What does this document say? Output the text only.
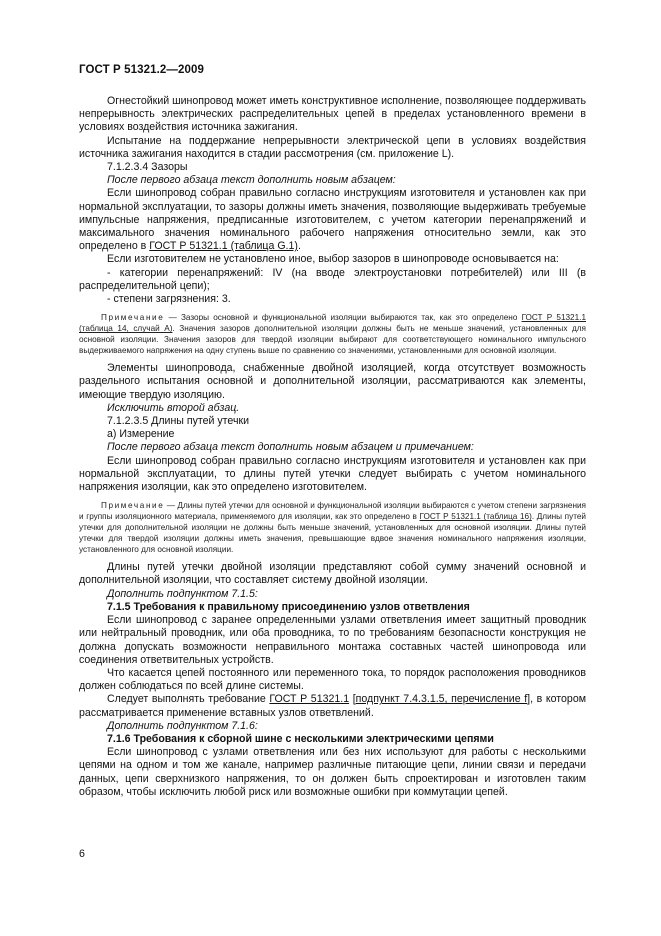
ГОСТ Р 51321.2—2009

Огнестойкий шинопровод может иметь конструктивное исполнение, позволяющее поддерживать непрерывность электрических распределительных цепей в пределах установленного времени в условиях воздействия источника зажигания.

Испытание на поддержание непрерывности электрической цепи в условиях воздействия источника зажигания находится в стадии рассмотрения (см. приложение L).

7.1.2.3.4 Зазоры

После первого абзаца текст дополнить новым абзацем:

Если шинопровод собран правильно согласно инструкциям изготовителя и установлен как при нормальной эксплуатации, то зазоры должны иметь значения, позволяющие выдерживать требуемые импульсные напряжения, предписанные изготовителем, с учетом категории перенапряжений и максимального значения номинального рабочего напряжения относительно земли, как это определено в ГОСТ Р 51321.1 (таблица G.1).

Если изготовителем не установлено иное, выбор зазоров в шинопроводе основывается на:

- категории перенапряжений: IV (на вводе электроустановки потребителей) или III (в распределительной цепи);

- степени загрязнения: 3.

Примечание — Зазоры основной и функциональной изоляции выбираются так, как это определено ГОСТ Р 51321.1 (таблица 14, случай А). Значения зазоров дополнительной изоляции должны быть не меньше значений, установленных для основной изоляции. Значения зазоров для твердой изоляции выбирают для соответствующего номинального импульсного выдерживаемого напряжения на одну ступень выше по сравнению со значениями, установленными для основной изоляции.

Элементы шинопровода, снабженные двойной изоляцией, когда отсутствует возможность раздельного испытания основной и дополнительной изоляции, рассматриваются как элементы, имеющие твердую изоляцию.

Исключить второй абзац.

7.1.2.3.5 Длины путей утечки

а) Измерение

После первого абзаца текст дополнить новым абзацем и примечанием:

Если шинопровод собран правильно согласно инструкциям изготовителя и установлен как при нормальной эксплуатации, то длины путей утечки следует выбирать с учетом номинального напряжения изоляции, как это определено изготовителем.

Примечание — Длины путей утечки для основной и функциональной изоляции выбираются с учетом степени загрязнения и группы изоляционного материала, применяемого для изоляции, как это определено в ГОСТ Р 51321.1 (таблица 16). Длины путей утечки для дополнительной изоляции не должны быть меньше значений, установленных для основной изоляции. Длины путей утечки для твердой изоляции должны иметь значения, превышающие вдвое значения номинального напряжения изоляции, установленного для основной изоляции.

Длины путей утечки двойной изоляции представляют собой сумму значений основной и дополнительной изоляции, что составляет систему двойной изоляции.

Дополнить подпунктом 7.1.5:

7.1.5 Требования к правильному присоединению узлов ответвления

Если шинопровод с заранее определенными узлами ответвления имеет защитный проводник или нейтральный проводник, или оба проводника, то по требованиям безопасности конструкция не должна допускать возможности неправильного монтажа составных частей шинопровода или соединения ответвительных устройств.

Что касается цепей постоянного или переменного тока, то порядок расположения проводников должен соблюдаться по всей длине системы.

Следует выполнять требование ГОСТ Р 51321.1 [подпункт 7.4.3.1.5, перечисление f], в котором рассматривается применение вставных узлов ответвлений.

Дополнить подпунктом 7.1.6:

7.1.6 Требования к сборной шине с несколькими электрическими цепями

Если шинопровод с узлами ответвления или без них используют для работы с несколькими цепями на одном и том же канале, например различные питающие цепи, линии связи и передачи данных, цепи сверхнизкого напряжения, то он должен быть спроектирован и изготовлен таким образом, чтобы исключить любой риск или возможные ошибки при коммутации цепей.

6
